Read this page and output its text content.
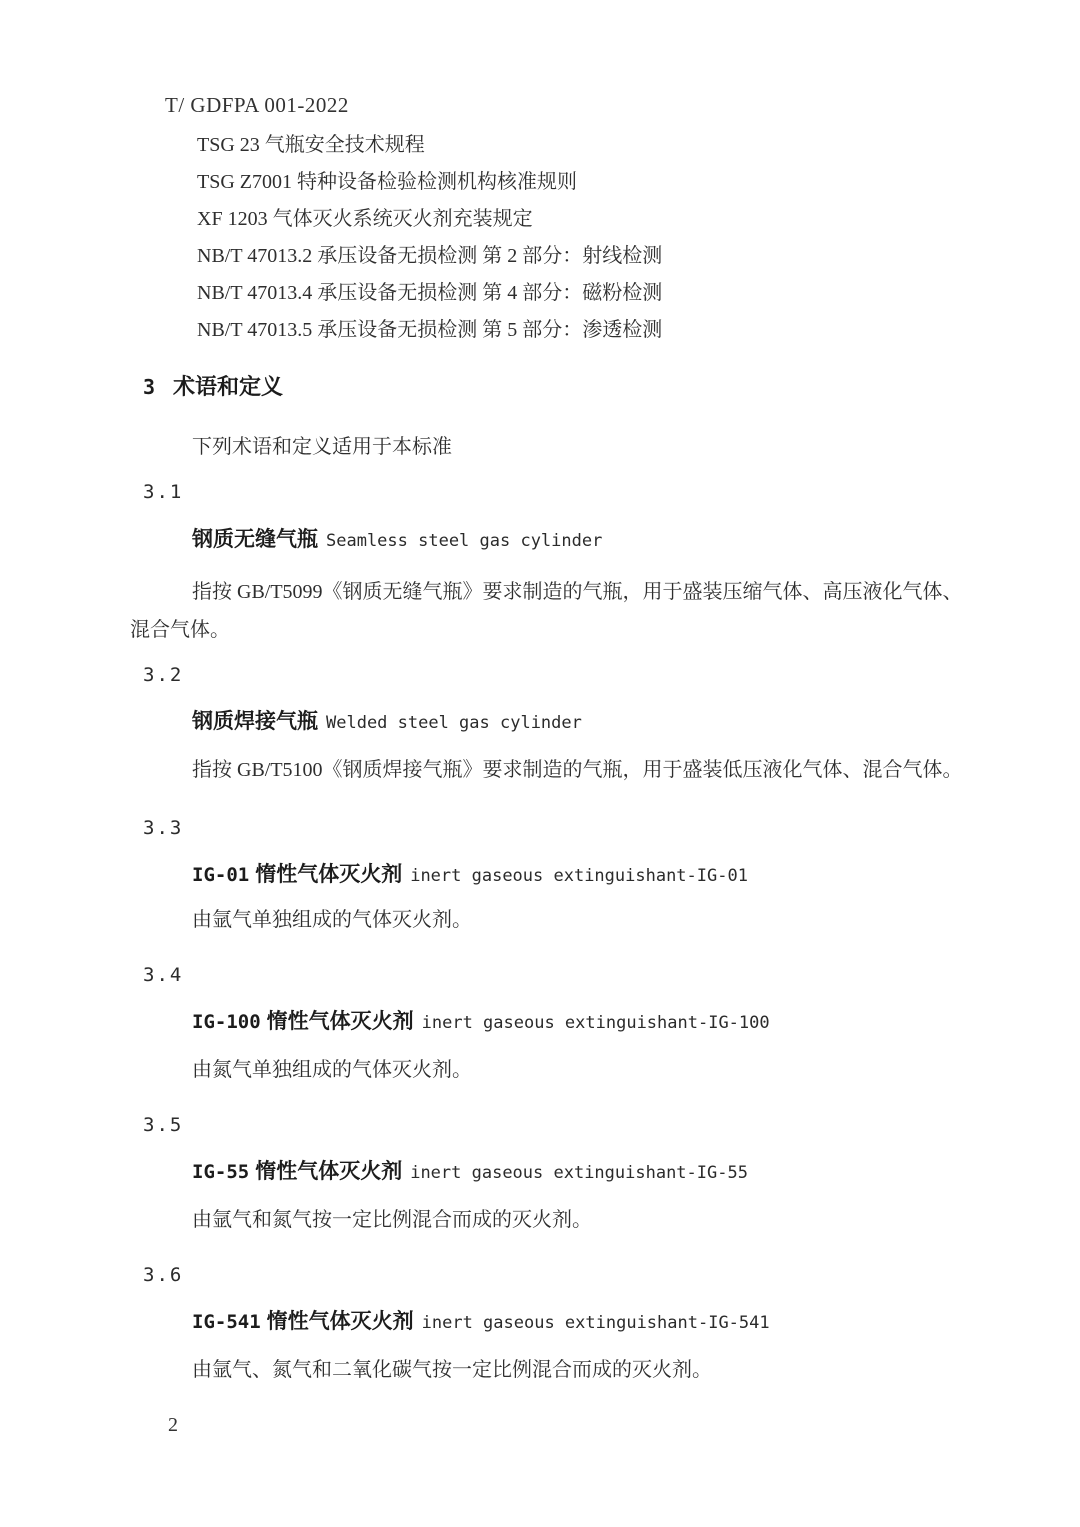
T/ GDFPA 001-2022
TSG 23 气瓶安全技术规程
TSG Z7001 特种设备检验检测机构核准规则
XF 1203 气体灭火系统灭火剂充装规定
NB/T 47013.2 承压设备无损检测 第 2 部分：射线检测
NB/T 47013.4 承压设备无损检测 第 4 部分：磁粉检测
NB/T 47013.5 承压设备无损检测 第 5 部分：渗透检测
3 术语和定义
下列术语和定义适用于本标准
3.1
钢质无缝气瓶 Seamless steel gas cylinder
指按 GB/T5099《钢质无缝气瓶》要求制造的气瓶，用于盛装压缩气体、高压液化气体、混合气体。
3.2
钢质焊接气瓶 Welded steel gas cylinder
指按 GB/T5100《钢质焊接气瓶》要求制造的气瓶，用于盛装低压液化气体、混合气体。
3.3
IG-01 惰性气体灭火剂 inert gaseous extinguishant-IG-01
由氩气单独组成的气体灭火剂。
3.4
IG-100 惰性气体灭火剂 inert gaseous extinguishant-IG-100
由氮气单独组成的气体灭火剂。
3.5
IG-55 惰性气体灭火剂 inert gaseous extinguishant-IG-55
由氩气和氮气按一定比例混合而成的灭火剂。
3.6
IG-541 惰性气体灭火剂 inert gaseous extinguishant-IG-541
由氩气、氮气和二氧化碳气按一定比例混合而成的灭火剂。
2
